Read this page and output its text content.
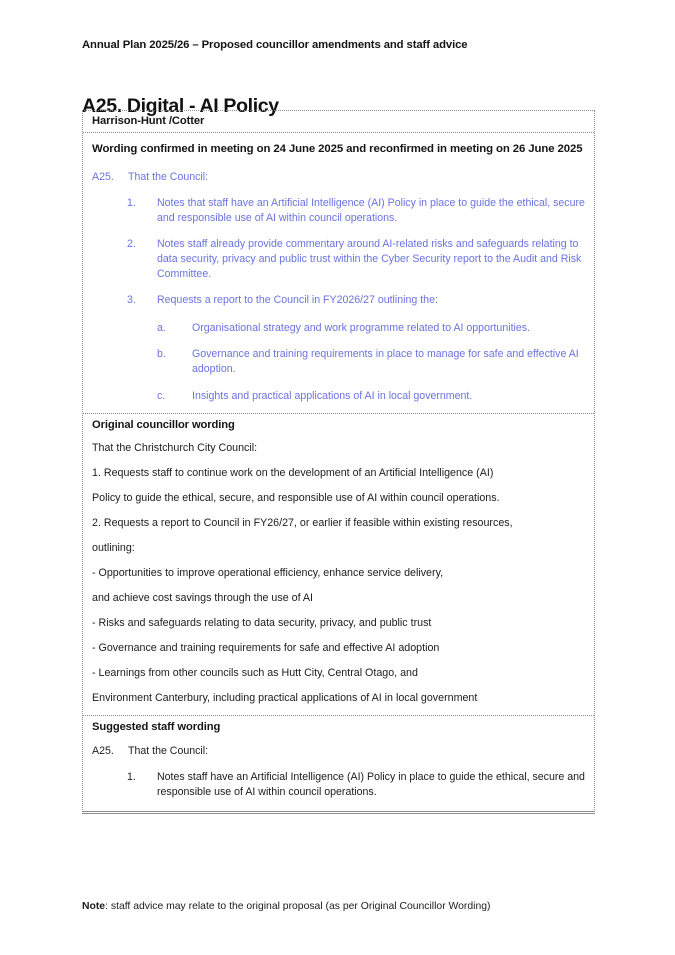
Annual Plan 2025/26 – Proposed councillor amendments and staff advice
A25. Digital - AI Policy
Harrison-Hunt /Cotter
Wording confirmed in meeting on 24 June 2025 and reconfirmed in meeting on 26 June 2025
A25.	That the Council:
1.	Notes that staff have an Artificial Intelligence (AI) Policy in place to guide the ethical, secure and responsible use of AI within council operations.
2.	Notes staff already provide commentary around AI-related risks and safeguards relating to data security, privacy and public trust within the Cyber Security report to the Audit and Risk Committee.
3.	Requests a report to the Council in FY2026/27 outlining the:
a.	Organisational strategy and work programme related to AI opportunities.
b.	Governance and training requirements in place to manage for safe and effective AI adoption.
c.	Insights and practical applications of AI in local government.
Original councillor wording

That the Christchurch City Council:

1. Requests staff to continue work on the development of an Artificial Intelligence (AI)

Policy to guide the ethical, secure, and responsible use of AI within council operations.

2. Requests a report to Council in FY26/27, or earlier if feasible within existing resources,

outlining:

- Opportunities to improve operational efficiency, enhance service delivery,

and achieve cost savings through the use of AI

- Risks and safeguards relating to data security, privacy, and public trust

- Governance and training requirements for safe and effective AI adoption

- Learnings from other councils such as Hutt City, Central Otago, and

Environment Canterbury, including practical applications of AI in local government

Suggested staff wording
A25.	That the Council:
1.	Notes staff have an Artificial Intelligence (AI) Policy in place to guide the ethical, secure and responsible use of AI within council operations.
Note: staff advice may relate to the original proposal (as per Original Councillor Wording)
